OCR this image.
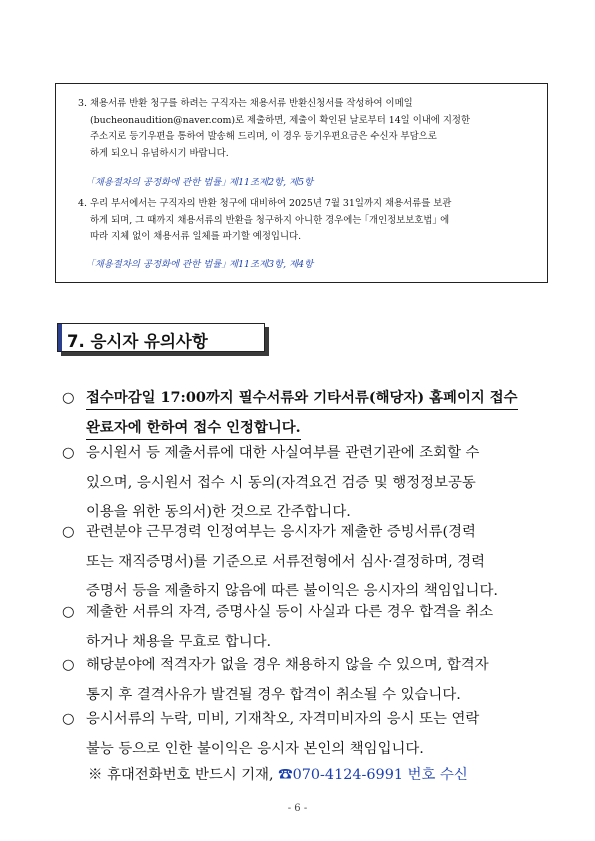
3. 채용서류 반환 청구를 하려는 구직자는 채용서류 반환신청서를 작성하여 이메일
(bucheonaudition@naver.com)로 제출하면, 제출이 확인된 날로부터 14일 이내에 지정한
주소지로 등기우편을 통하여 발송해 드리며, 이 경우 등기우편요금은 수신자 부담으로
하게 되오니 유념하시기 바랍니다.
｢채용절차의 공정화에 관한 법률｣ 제11조제2항, 제5항
4. 우리 부서에서는 구직자의 반환 청구에 대비하여 2025년 7월 31일까지 채용서류를 보관
하게 되며, 그 때까지 채용서류의 반환을 청구하지 아니한 경우에는 ｢개인정보보호법｣ 에
따라 지체 없이 채용서류 일체를 파기할 예정입니다.
｢채용절차의 공정화에 관한 법률｣ 제11조제3항, 제4항
7. 응시자 유의사항
○ 접수마감일 17:00까지 필수서류와 기타서류(해당자) 홈페이지 접수
완료자에 한하여 접수 인정합니다.
○ 응시원서 등 제출서류에 대한 사실여부를 관련기관에 조회할 수
있으며, 응시원서 접수 시 동의(자격요건 검증 및 행정정보공동
이용을 위한 동의서)한 것으로 간주합니다.
○ 관련분야 근무경력 인정여부는 응시자가 제출한 증빙서류(경력
또는 재직증명서)를 기준으로 서류전형에서 심사·결정하며, 경력
증명서 등을 제출하지 않음에 따른 불이익은 응시자의 책임입니다.
○ 제출한 서류의 자격, 증명사실 등이 사실과 다른 경우 합격을 취소
하거나 채용을 무효로 합니다.
○ 해당분야에 적격자가 없을 경우 채용하지 않을 수 있으며, 합격자
통지 후 결격사유가 발견될 경우 합격이 취소될 수 있습니다.
○ 응시서류의 누락, 미비, 기재착오, 자격미비자의 응시 또는 연락
불능 등으로 인한 불이익은 응시자 본인의 책임입니다.
※ 휴대전화번호 반드시 기재, ☎070-4124-6991 번호 수신
- 6 -
